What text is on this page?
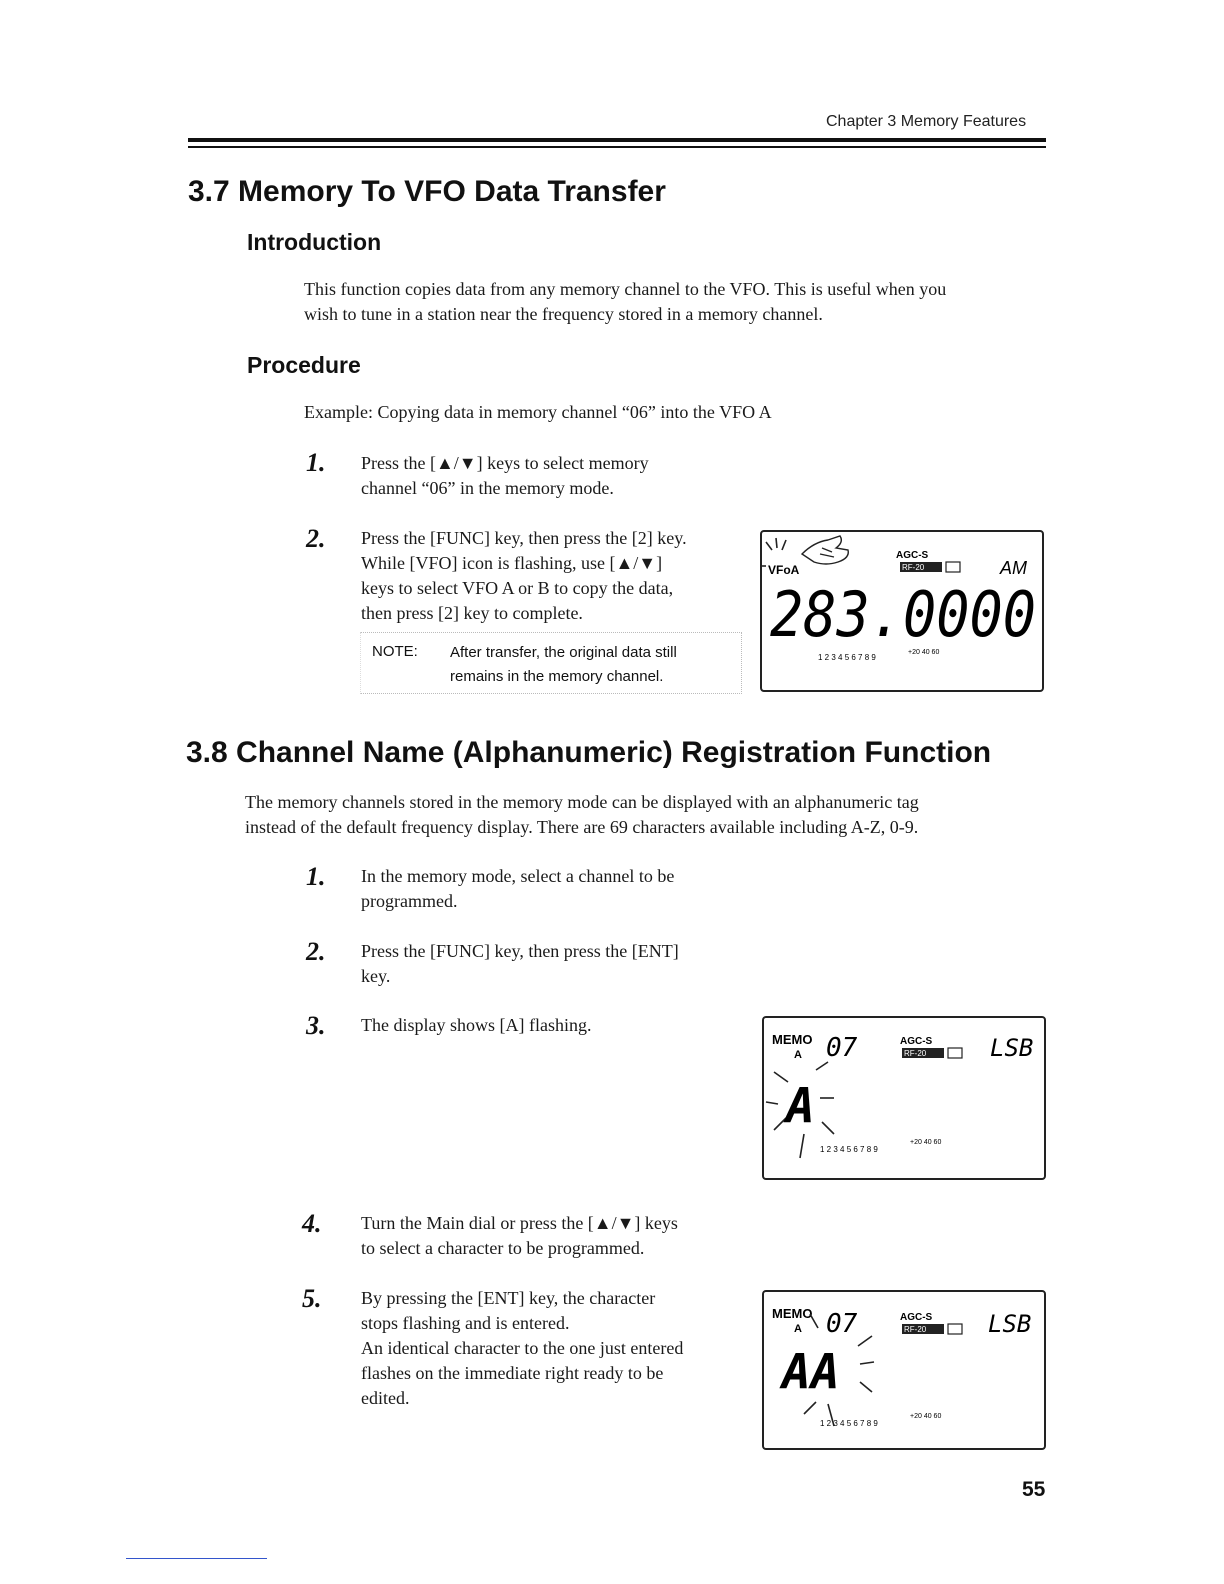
Chapter 3 Memory Features
3.7 Memory To VFO Data Transfer
Introduction
This function copies data from any memory channel to the VFO. This is useful when you
wish to tune in a station near the frequency stored in a memory channel.
Procedure
Example: Copying data in memory channel “06” into the VFO A
1. Press the [▲/▼] keys to select memory
channel “06” in the memory mode.
2. Press the [FUNC] key, then press the [2] key.
While [VFO] icon is flashing, use [▲/▼]
keys to select VFO A or B to copy the data,
then press [2] key to complete.
NOTE: After transfer, the original data still
remains in the memory channel.
VFoA
AGC-S
RF-20	AM
283.0000
1 2 3 4 5 6 7 8 9
+20 40 60
3.8 Channel Name (Alphanumeric) Registration Function
The memory channels stored in the memory mode can be displayed with an alphanumeric tag
instead of the default frequency display. There are 69 characters available including A-Z, 0-9.
1. In the memory mode, select a channel to be
programmed.
2. Press the [FUNC] key, then press the [ENT]
key.
3. The display shows [A] flashing.
MEMO
A 07	AGC-S
RF-20	LSB
A
1 2 3 4 5 6 7 8 9
+20 40 60
4. Turn the Main dial or press the [▲/▼] keys
to select a character to be programmed.
5. By pressing the [ENT] key, the character
stops flashing and is entered.
An identical character to the one just entered
flashes on the immediate right ready to be
edited.
MEMO
A 07	AGC-S
RF-20	LSB
AA
1 2 3 4 5 6 7 8 9
+20 40 60
55
